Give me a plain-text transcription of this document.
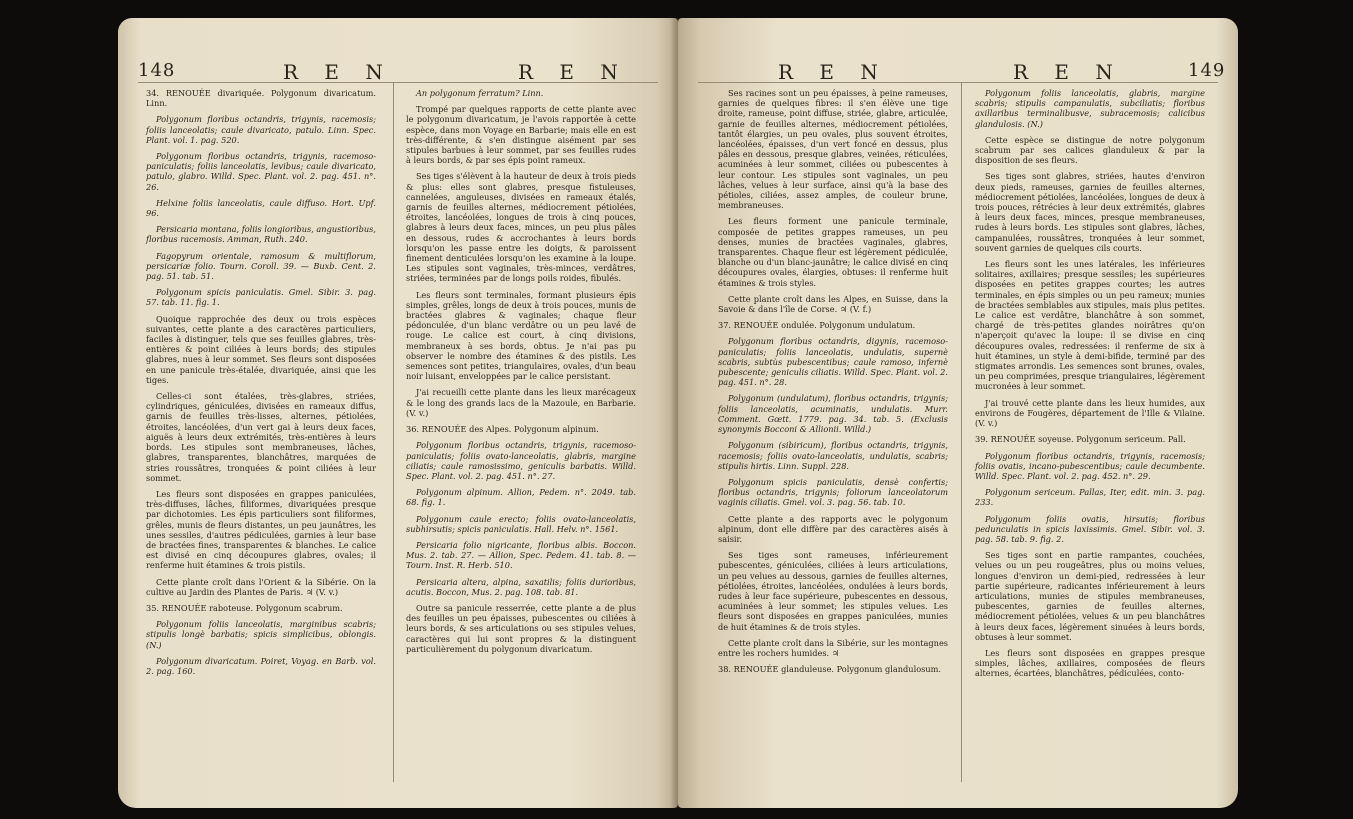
148	R E N	R E N

34. RENOUÉE divariquée. Polygonum divaricatum. Linn.

Polygonum floribus octandris, trigynis, racemosis; foliis lanceolatis; caule divaricato, patulo. Linn. Spec. Plant. vol. 1. pag. 520.

Polygonum floribus octandris, trigynis, racemoso-paniculatis; foliis lanceolatis, levibus; caule divaricato, patulo, glabro. Willd. Spec. Plant. vol. 2. pag. 451. n°. 26.

Helxine foliis lanceolatis, caule diffuso. Hort. Upf. 96.

Persicaria montana, foliis longioribus, angustioribus, floribus racemosis. Amman, Ruth. 240.

Fagopyrum orientale, ramosum & multiflorum, persicariæ folio. Tourn. Coroll. 39. — Buxb. Cent. 2. pag. 51. tab. 51.

Polygonum spicis paniculatis. Gmel. Sibir. 3. pag. 57. tab. 11. fig. 1.

Quoique rapprochée des deux ou trois espèces suivantes, cette plante a des caractères particuliers, faciles à distinguer, tels que ses feuilles glabres, très-entières & point ciliées à leurs bords; des stipules glabres, nues à leur sommet. Ses fleurs sont disposées en une panicule très-étalée, divariquée, ainsi que les tiges.

Celles-ci sont étalées, très-glabres, striées, cylindriques, géniculées, divisées en rameaux diffus, garnis de feuilles très-lisses, alternes, pétiolées, étroites, lancéolées, d'un vert gai à leurs deux faces, aiguës à leurs deux extrémités, très-entières à leurs bords. Les stipules sont membraneuses, lâches, glabres, transparentes, blanchâtres, marquées de stries roussâtres, tronquées & point ciliées à leur sommet.

Les fleurs sont disposées en grappes paniculées, très-diffuses, lâches, filiformes, divariquées presque par dichotomies. Les épis particuliers sont filiformes, grêles, munis de fleurs distantes, un peu jaunâtres, les unes sessiles, d'autres pédiculées, garnies à leur base de bractées fines, transparentes & blanches. Le calice est divisé en cinq découpures glabres, ovales; il renferme huit étamines & trois pistils.

Cette plante croît dans l'Orient & la Sibérie. On la cultive au Jardin des Plantes de Paris. ♃ (V. v.)

35. RENOUÉE raboteuse. Polygonum scabrum.

Polygonum foliis lanceolatis, marginibus scabris; stipulis longè barbatis; spicis simplicibus, oblongis. (N.)

Polygonum divaricatum. Poiret, Voyag. en Barb. vol. 2. pag. 160.

An polygonum ferratum? Linn.

Trompé par quelques rapports de cette plante avec le polygonum divaricatum, je l'avois rapportée à cette espèce, dans mon Voyage en Barbarie; mais elle en est très-différente, & s'en distingue aisément par ses stipules barbues à leur sommet, par ses feuilles rudes à leurs bords, & par ses épis point rameux.

Ses tiges s'élèvent à la hauteur de deux à trois pieds & plus: elles sont glabres, presque fistuleuses, cannelées, anguleuses, divisées en rameaux étalés, garnis de feuilles alternes, médiocrement pétiolées, étroites, lancéolées, longues de trois à cinq pouces, glabres à leurs deux faces, minces, un peu plus pâles en dessous, rudes & accrochantes à leurs bords lorsqu'on les passe entre les doigts, & paroissent finement denticulées lorsqu'on les examine à la loupe. Les stipules sont vaginales, très-minces, verdâtres, striées, terminées par de longs poils roides, fibulés.

Les fleurs sont terminales, formant plusieurs épis simples, grêles, longs de deux à trois pouces, munis de bractées glabres & vaginales; chaque fleur pédonculée, d'un blanc verdâtre ou un peu lavé de rouge. Le calice est court, à cinq divisions, membraneux à ses bords, obtus. Je n'ai pas pu observer le nombre des étamines & des pistils. Les semences sont petites, triangulaires, ovales, d'un beau noir luisant, enveloppées par le calice persistant.

J'ai recueilli cette plante dans les lieux marécageux & le long des grands lacs de la Mazoule, en Barbarie. (V. v.)

36. RENOUÉE des Alpes. Polygonum alpinum.

Polygonum floribus octandris, trigynis, racemoso-paniculatis; foliis ovato-lanceolatis, glabris, margine ciliatis; caule ramosissimo, geniculis barbatis. Willd. Spec. Plant. vol. 2. pag. 451. n°. 27.

Polygonum alpinum. Allion, Pedem. n°. 2049. tab. 68. fig. 1.

Polygonum caule erecto; foliis ovato-lanceolatis, subhirsutis; spicis paniculatis. Hall. Helv. n°. 1561.

Persicaria folio nigricante, floribus albis. Boccon. Mus. 2. tab. 27. — Allion, Spec. Pedem. 41. tab. 8. — Tourn. Inst. R. Herb. 510.

Persicaria altera, alpina, saxatilis; foliis durioribus, acutis. Boccon, Mus. 2. pag. 108. tab. 81.

Outre sa panicule resserrée, cette plante a de plus des feuilles un peu épaisses, pubescentes ou ciliées à leurs bords, & ses articulations ou ses stipules velues, caractères qui lui sont propres & la distinguent particulièrement du polygonum divaricatum.

R E N	R E N	149

Ses racines sont un peu épaisses, à peine rameuses, garnies de quelques fibres: il s'en élève une tige droite, rameuse, point diffuse, striée, glabre, articulée, garnie de feuilles alternes, médiocrement pétiolées, tantôt élargies, un peu ovales, plus souvent étroites, lancéolées, épaisses, d'un vert foncé en dessus, plus pâles en dessous, presque glabres, veinées, réticulées, acuminées à leur sommet, ciliées ou pubescentes à leur contour. Les stipules sont vaginales, un peu lâches, velues à leur surface, ainsi qu'à la base des pétioles, ciliées, assez amples, de couleur brune, membraneuses.

Les fleurs forment une panicule terminale, composée de petites grappes rameuses, un peu denses, munies de bractées vaginales, glabres, transparentes. Chaque fleur est légèrement pédiculée, blanche ou d'un blanc-jaunâtre; le calice divisé en cinq découpures ovales, élargies, obtuses: il renferme huit étamines & trois styles.

Cette plante croît dans les Alpes, en Suisse, dans la Savoie & dans l'île de Corse. ♃ (V. f.)

37. RENOUÉE ondulée. Polygonum undulatum.

Polygonum floribus octandris, digynis, racemoso-paniculatis; foliis lanceolatis, undulatis, supernè scabris, subtùs pubescentibus; caule ramoso, infernè pubescente; geniculis ciliatis. Willd. Spec. Plant. vol. 2. pag. 451. n°. 28.

Polygonum (undulatum), floribus octandris, trigynis; foliis lanceolatis, acuminatis, undulatis. Murr. Comment. Gœtt. 1779. pag. 34. tab. 5. (Exclusis synonymis Bocconi & Allionii. Willd.)

Polygonum (sibiricum), floribus octandris, trigynis, racemosis; foliis ovato-lanceolatis, undulatis, scabris; stipulis hirtis. Linn. Suppl. 228.

Polygonum spicis paniculatis, densè confertis; floribus octandris, trigynis; foliorum lanceolatorum vaginis ciliatis. Gmel. vol. 3. pag. 56. tab. 10.

Cette plante a des rapports avec le polygonum alpinum, dont elle diffère par des caractères aisés à saisir.

Ses tiges sont rameuses, inférieurement pubescentes, géniculées, ciliées à leurs articulations, un peu velues au dessous, garnies de feuilles alternes, pétiolées, étroites, lancéolées, ondulées à leurs bords, rudes à leur face supérieure, pubescentes en dessous, acuminées à leur sommet; les stipules velues. Les fleurs sont disposées en grappes paniculées, munies de huit étamines & de trois styles.

Cette plante croît dans la Sibérie, sur les montagnes entre les rochers humides. ♃

38. RENOUÉE glanduleuse. Polygonum glandulosum.

Polygonum foliis lanceolatis, glabris, margine scabris; stipulis campanulatis, subciliatis; floribus axillaribus terminalibusve, subracemosis; calicibus glandulosis. (N.)

Cette espèce se distingue de notre polygonum scabrum par ses calices glanduleux & par la disposition de ses fleurs.

Ses tiges sont glabres, striées, hautes d'environ deux pieds, rameuses, garnies de feuilles alternes, médiocrement pétiolées, lancéolées, longues de deux à trois pouces, rétrécies à leur deux extrémités, glabres à leurs deux faces, minces, presque membraneuses, rudes à leurs bords. Les stipules sont glabres, lâches, campanulées, roussâtres, tronquées à leur sommet, souvent garnies de quelques cils courts.

Les fleurs sont les unes latérales, les inférieures solitaires, axillaires; presque sessiles; les supérieures disposées en petites grappes courtes; les autres terminales, en épis simples ou un peu rameux; munies de bractées semblables aux stipules, mais plus petites. Le calice est verdâtre, blanchâtre à son sommet, chargé de très-petites glandes noirâtres qu'on n'aperçoit qu'avec la loupe: il se divise en cinq découpures ovales, redressées: il renferme de six à huit étamines, un style à demi-bifide, terminé par des stigmates arrondis. Les semences sont brunes, ovales, un peu comprimées, presque triangulaires, légèrement mucronées à leur sommet.

J'ai trouvé cette plante dans les lieux humides, aux environs de Fougères, département de l'Ille & Vilaine. (V. v.)

39. RENOUÉE soyeuse. Polygonum sericeum. Pall.

Polygonum floribus octandris, trigynis, racemosis; foliis ovatis, incano-pubescentibus; caule decumbente. Willd. Spec. Plant. vol. 2. pag. 452. n°. 29.

Polygonum sericeum. Pallas, Iter, edit. min. 3. pag. 233.

Polygonum foliis ovatis, hirsutis; floribus pedunculatis in spicis laxissimis. Gmel. Sibir. vol. 3. pag. 58. tab. 9. fig. 2.

Ses tiges sont en partie rampantes, couchées, velues ou un peu rougeâtres, plus ou moins velues, longues d'environ un demi-pied, redressées à leur partie supérieure, radicantes inférieurement à leurs articulations, munies de stipules membraneuses, pubescentes, garnies de feuilles alternes, médiocrement pétiolées, velues & un peu blanchâtres à leurs deux faces, légèrement sinuées à leurs bords, obtuses à leur sommet.

Les fleurs sont disposées en grappes presque simples, lâches, axillaires, composées de fleurs alternes, écartées, blanchâtres, pédiculées, conto-
